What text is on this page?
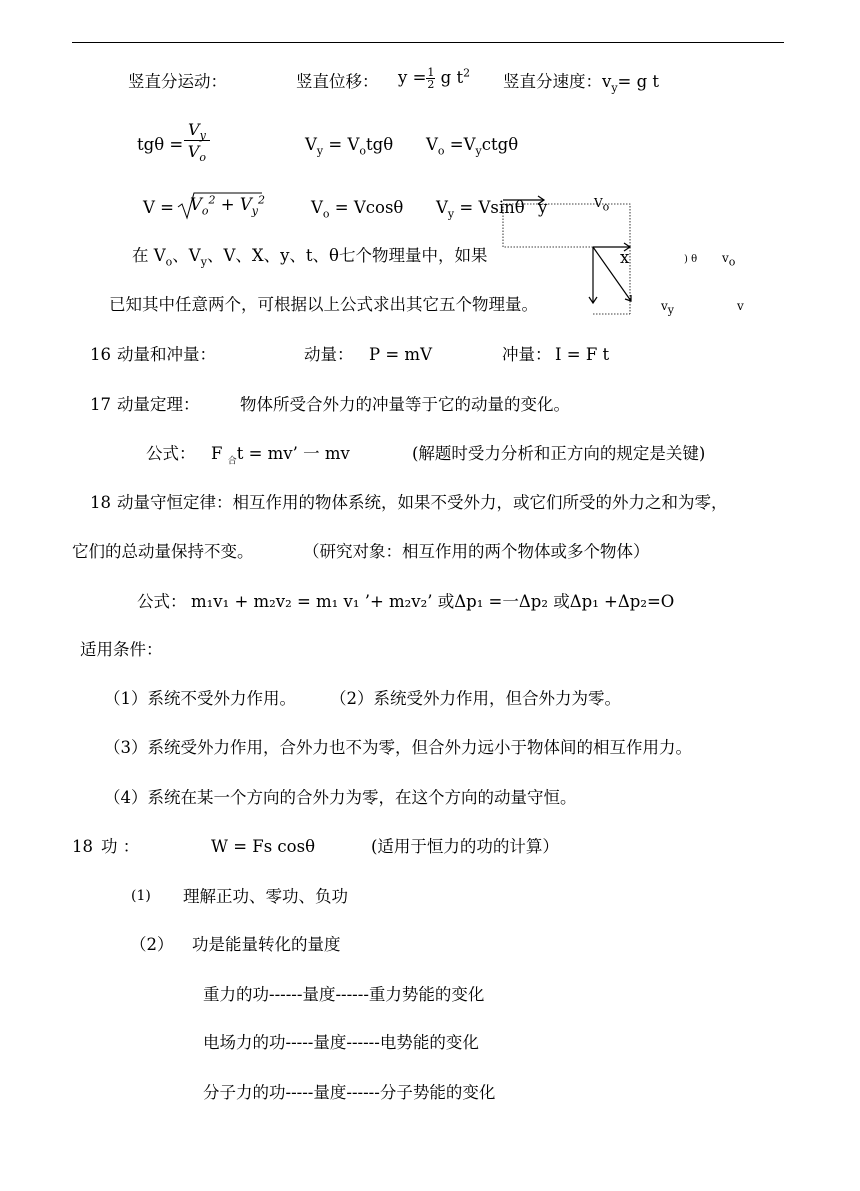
竖直分运动：	竖直位移： $y = \frac{1}{2}$ g $t^2$ 竖直分速度：$v_y= g$ t
tgθ =
$V_y$
$V_o$
$V_y = V_otg\theta$ $V_o =V_yctg\theta$
$V = V_o^2 + V_y^2$	$V_o = Vcos\theta$ $V_y = Vsin\theta$ y	$V_o$
x	) θ $v_o$
$v_y$	v
在 $V_o$、$V_y$、V、X、y、t、θ七个物理量中，如果
已知其中任意两个，可根据以上公式求出其它五个物理量。
16 动量和冲量：	动量： P = mV	冲量： I = F t
17 动量定理： 物体所受合外力的冲量等于它的动量的变化。
公式： F $_合$t = mv’ 一 mv	(解题时受力分析和正方向的规定是关键)
18 动量守恒定律：相互作用的物体系统，如果不受外力，或它们所受的外力之和为零，
它们的总动量保持不变。	（研究对象：相互作用的两个物体或多个物体）
公式： m₁v₁ + m₂v₂ = m₁ v₁ ’+ m₂v₂’ 或Δp₁ =一Δp₂ 或Δp₁ +Δp₂=O
适用条件：
（1）系统不受外力作用。 （2）系统受外力作用，但合外力为零。
（3）系统受外力作用，合外力也不为零，但合外力远小于物体间的相互作用力。
（4）系统在某一个方向的合外力为零，在这个方向的动量守恒。
18 功 ：	W = Fs cosθ	(适用于恒力的功的计算）
(1) 理解正功、零功、负功
（2） 功是能量转化的量度
重力的功------量度------重力势能的变化
电场力的功-----量度------电势能的变化
分子力的功-----量度------分子势能的变化
